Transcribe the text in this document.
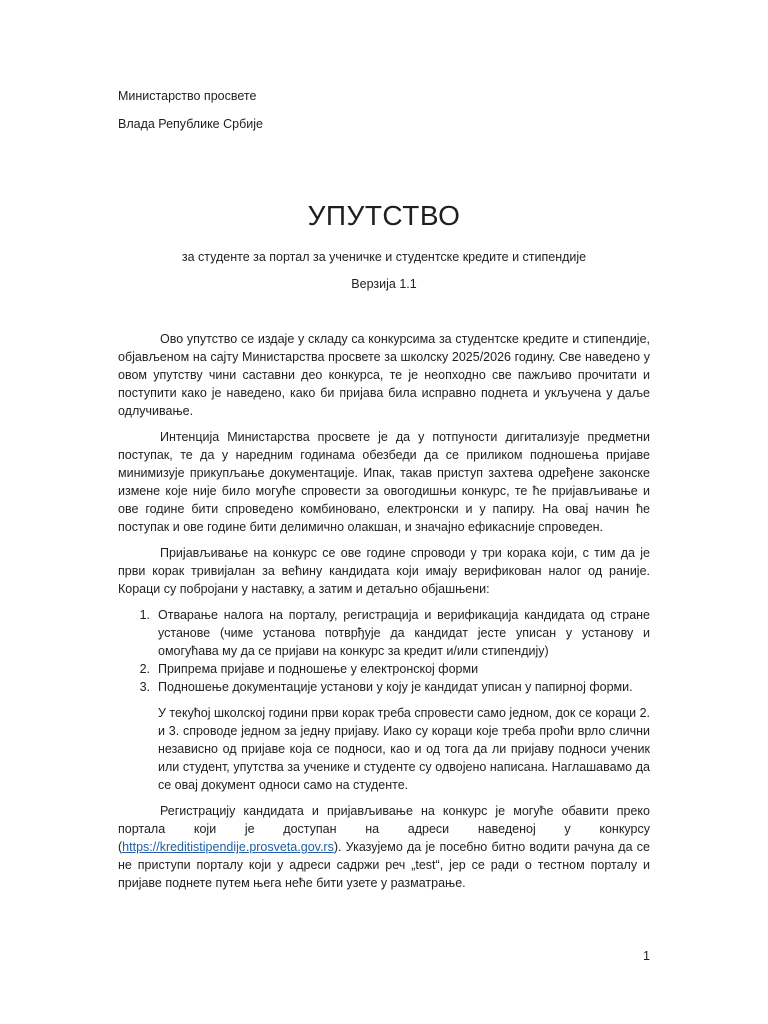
Министарство просвете
Влада Републике Србије
УПУТСТВО
за студенте за портал за ученичке и студентске кредите и стипендије
Верзија 1.1

Ово упутство се издаје у складу са конкурсима за студентске кредите и стипендије, објављеном на сајту Министарства просвете за школску 2025/2026 годину. Све наведено у овом упутству чини саставни део конкурса, те је неопходно све пажљиво прочитати и поступити како је наведено, како би пријава била исправно поднета и укључена у даље одлучивање.

Интенција Министарства просвете је да у потпуности дигитализује предметни поступак, те да у наредним годинама обезбеди да се приликом подношења пријаве минимизује прикупљање документације. Ипак, такав приступ захтева одређене законске измене које није било могуће спровести за овогодишњи конкурс, те ће пријављивање и ове године бити спроведено комбиновано, електронски и у папиру. На овај начин ће поступак и ове године бити делимично олакшан, и значајно ефикасније спроведен.

Пријављивање на конкурс се ове године спроводи у три корака који, с тим да је први корак тривијалан за већину кандидата који имају верификован налог од раније. Кораци су побројани у наставку, а затим и детаљно објашњени:

1. Отварање налога на порталу, регистрација и верификација кандидата од стране установе (чиме установа потврђује да кандидат јесте уписан у установу и омогућава му да се пријави на конкурс за кредит и/или стипендију)
2. Припрема пријаве и подношење у електронској форми
3. Подношење документације установи у коју је кандидат уписан у папирној форми.

У текућој школској години први корак треба спровести само једном, док се кораци 2. и 3. спроводе једном за једну пријаву. Иако су кораци које треба проћи врло слични независно од пријаве која се подноси, као и од тога да ли пријаву подноси ученик или студент, упутства за ученике и студенте су одвојено написана. Наглашавамо да се овај документ односи само на студенте.

Регистрацију кандидата и пријављивање на конкурс је могуће обавити преко портала који је доступан на адреси наведеној у конкурсу (https://kreditistipendije.prosveta.gov.rs). Указујемо да је посебно битно водити рачуна да се не приступи порталу који у адреси садржи реч „test“, јер се ради о тестном порталу и пријаве поднете путем њега неће бити узете у разматрање.

1
